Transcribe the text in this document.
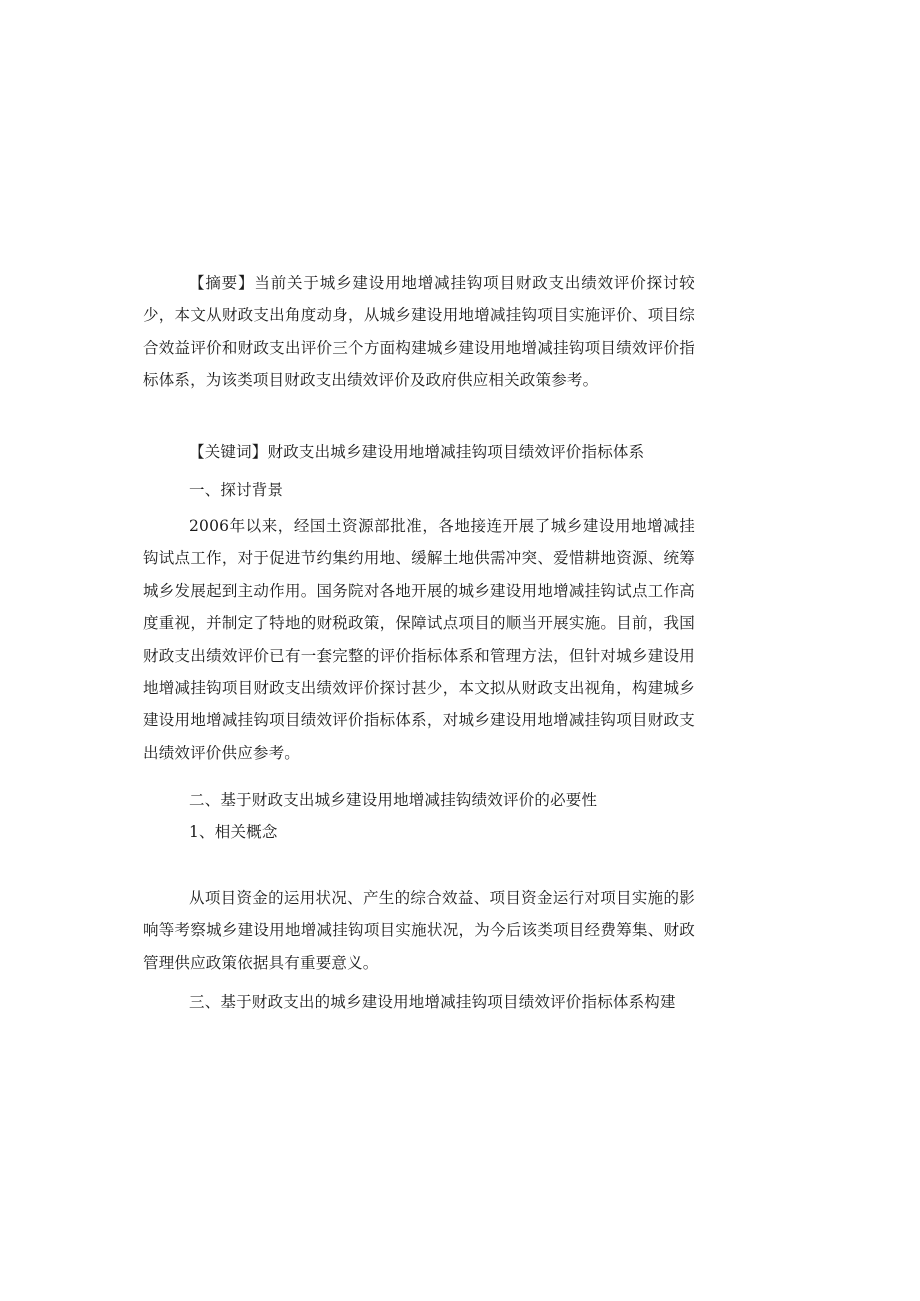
【摘要】当前关于城乡建设用地增减挂钩项目财政支出绩效评价探讨较少，本文从财政支出角度动身，从城乡建设用地增减挂钩项目实施评价、项目综合效益评价和财政支出评价三个方面构建城乡建设用地增减挂钩项目绩效评价指标体系，为该类项目财政支出绩效评价及政府供应相关政策参考。

【关键词】财政支出城乡建设用地增减挂钩项目绩效评价指标体系

一、探讨背景

2006年以来，经国土资源部批准，各地接连开展了城乡建设用地增减挂钩试点工作，对于促进节约集约用地、缓解土地供需冲突、爱惜耕地资源、统筹城乡发展起到主动作用。国务院对各地开展的城乡建设用地增减挂钩试点工作高度重视，并制定了特地的财税政策，保障试点项目的顺当开展实施。目前，我国财政支出绩效评价已有一套完整的评价指标体系和管理方法，但针对城乡建设用地增减挂钩项目财政支出绩效评价探讨甚少，本文拟从财政支出视角，构建城乡建设用地增减挂钩项目绩效评价指标体系，对城乡建设用地增减挂钩项目财政支出绩效评价供应参考。

二、基于财政支出城乡建设用地增减挂钩绩效评价的必要性

1、相关概念

从项目资金的运用状况、产生的综合效益、项目资金运行对项目实施的影响等考察城乡建设用地增减挂钩项目实施状况，为今后该类项目经费筹集、财政管理供应政策依据具有重要意义。

三、基于财政支出的城乡建设用地增减挂钩项目绩效评价指标体系构建
